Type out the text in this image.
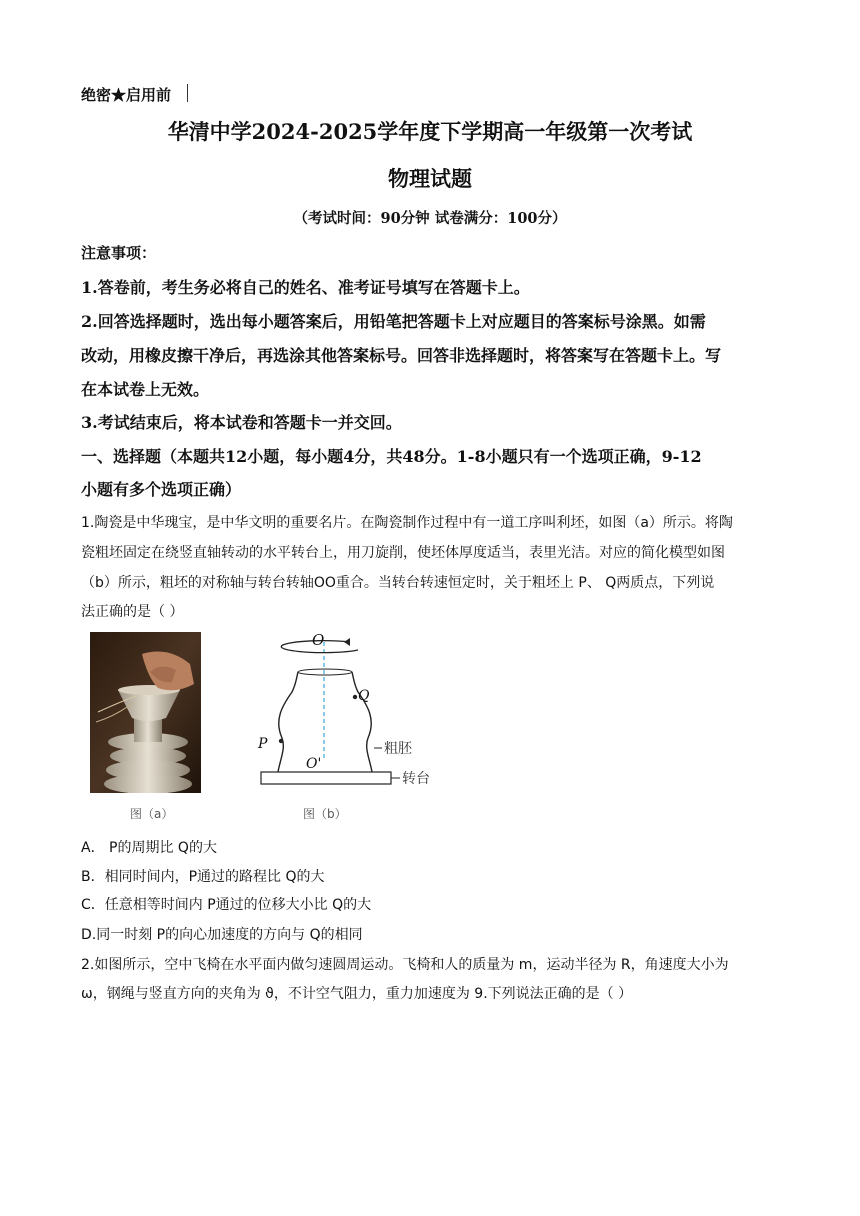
绝密★启用前
华清中学2024-2025学年度下学期高一年级第一次考试
物理试题
（考试时间：90分钟 试卷满分：100分）
注意事项：
1.答卷前，考生务必将自己的姓名、准考证号填写在答题卡上。
2.回答选择题时，选出每小题答案后，用铅笔把答题卡上对应题目的答案标号涂黑。如需
改动，用橡皮擦干净后，再选涂其他答案标号。回答非选择题时，将答案写在答题卡上。写
在本试卷上无效。
3.考试结束后，将本试卷和答题卡一并交回。
一、选择题（本题共12小题，每小题4分，共48分。1-8小题只有一个选项正确，9-12
小题有多个选项正确）
1.陶瓷是中华瑰宝，是中华文明的重要名片。在陶瓷制作过程中有一道工序叫利坯，如图（a）所示。将陶
瓷粗坯固定在绕竖直轴转动的水平转台上，用刀旋削，使坯体厚度适当，表里光洁。对应的简化模型如图
（b）所示，粗坯的对称轴与转台转轴OO重合。当转台转速恒定时，关于粗坯上 P、 Q两质点，下列说
法正确的是（ ）
图（a）
O
O'
P
Q
粗胚
转台
图（b）
A． P的周期比 Q的大
B．相同时间内，P通过的路程比 Q的大
C．任意相等时间内 P通过的位移大小比 Q的大
D.同一时刻 P的向心加速度的方向与 Q的相同
2.如图所示，空中飞椅在水平面内做匀速圆周运动。飞椅和人的质量为 m，运动半径为 R，角速度大小为
ω，钢绳与竖直方向的夹角为 ϑ，不计空气阻力，重力加速度为 9.下列说法正确的是（ ）
